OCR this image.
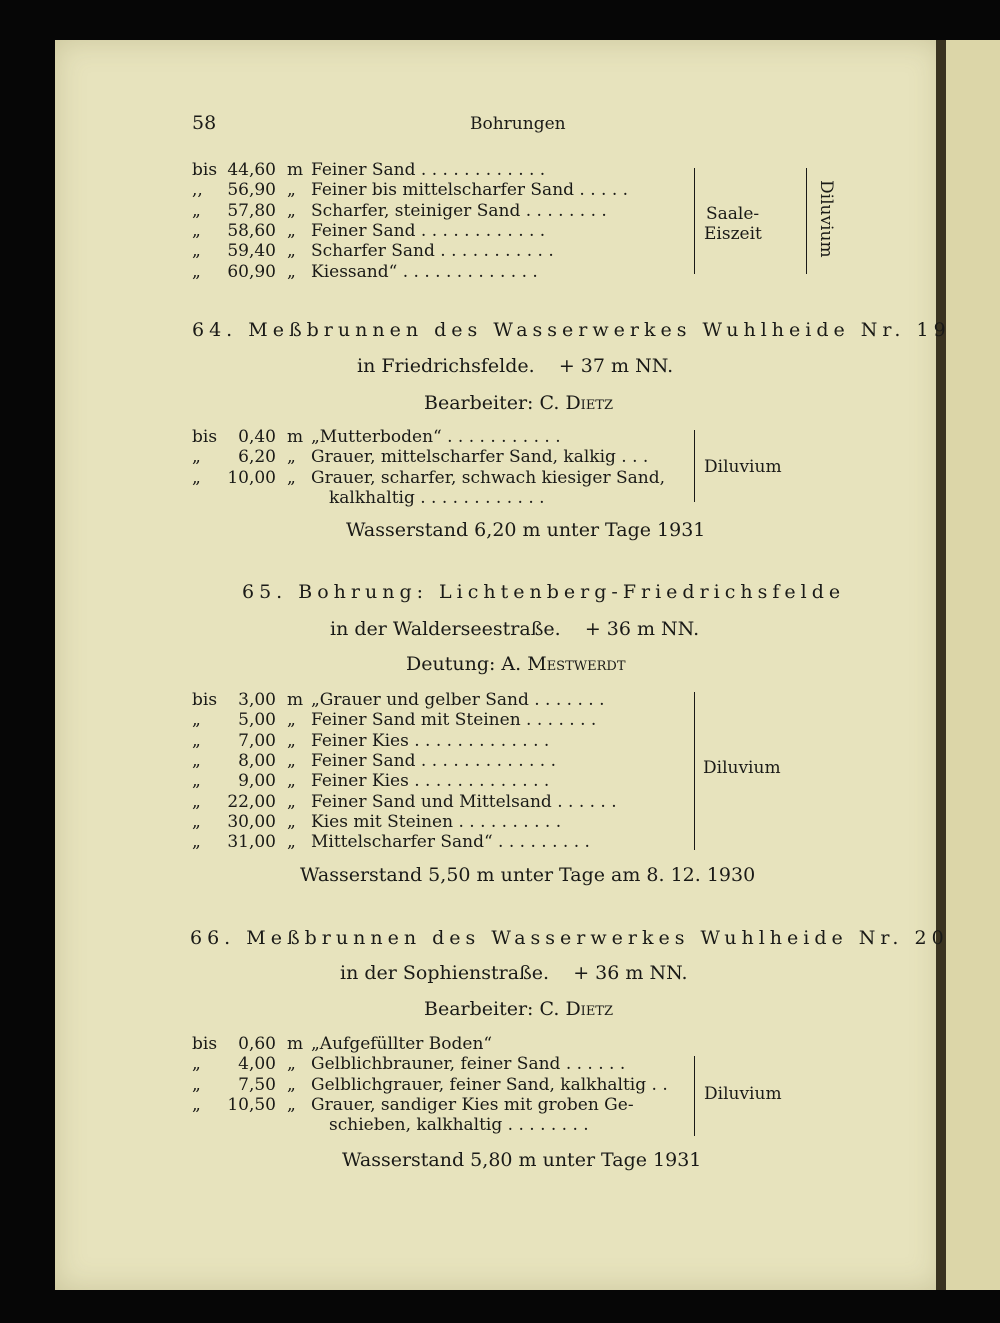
58	Bohrungen
bis 44,60 m Feiner Sand . . . . . . . . . . . .
,,	56,90 „ Feiner bis mittelscharfer Sand . . . . .
„	57,80 „ Scharfer, steiniger Sand . . . . . . . .
„	58,60 „ Feiner Sand . . . . . . . . . . . .
„	59,40 „ Scharfer Sand . . . . . . . . . . .
„	60,90 „ Kiessand“ . . . . . . . . . . . . .
Saale-
Eiszeit	Diluvium
64. Meßbrunnen des Wasserwerkes Wuhlheide Nr. 19
in Friedrichsfelde.    + 37 m NN.
Bearbeiter: C. Dietz
bis	0,40 m „Mutterboden“ . . . . . . . . . . .
„	6,20 „ Grauer, mittelscharfer Sand, kalkig . . .
„	10,00 „ Grauer, scharfer, schwach kiesiger Sand,
kalkhaltig . . . . . . . . . . . .
Diluvium
Wasserstand 6,20 m unter Tage 1931
65. Bohrung: Lichtenberg-Friedrichsfelde
in der Walderseestraße.    + 36 m NN.
Deutung: A. Mestwerdt
bis	3,00 m „Grauer und gelber Sand . . . . . . .
„	5,00 „ Feiner Sand mit Steinen . . . . . . .
„	7,00 „ Feiner Kies . . . . . . . . . . . . .
„	8,00 „ Feiner Sand . . . . . . . . . . . . .
„	9,00 „ Feiner Kies . . . . . . . . . . . . .
„	22,00 „ Feiner Sand und Mittelsand . . . . . .
„	30,00 „ Kies mit Steinen . . . . . . . . . .
„	31,00 „ Mittelscharfer Sand“ . . . . . . . . .
Diluvium
Wasserstand 5,50 m unter Tage am 8. 12. 1930
66. Meßbrunnen des Wasserwerkes Wuhlheide Nr. 20
in der Sophienstraße.    + 36 m NN.
Bearbeiter: C. Dietz
bis	0,60 m „Aufgefüllter Boden“
„	4,00 „ Gelblichbrauner, feiner Sand . . . . . .
„	7,50 „ Gelblichgrauer, feiner Sand, kalkhaltig . .
„	10,50 „ Grauer, sandiger Kies mit groben Ge-
schieben, kalkhaltig . . . . . . . .
Diluvium
Wasserstand 5,80 m unter Tage 1931
